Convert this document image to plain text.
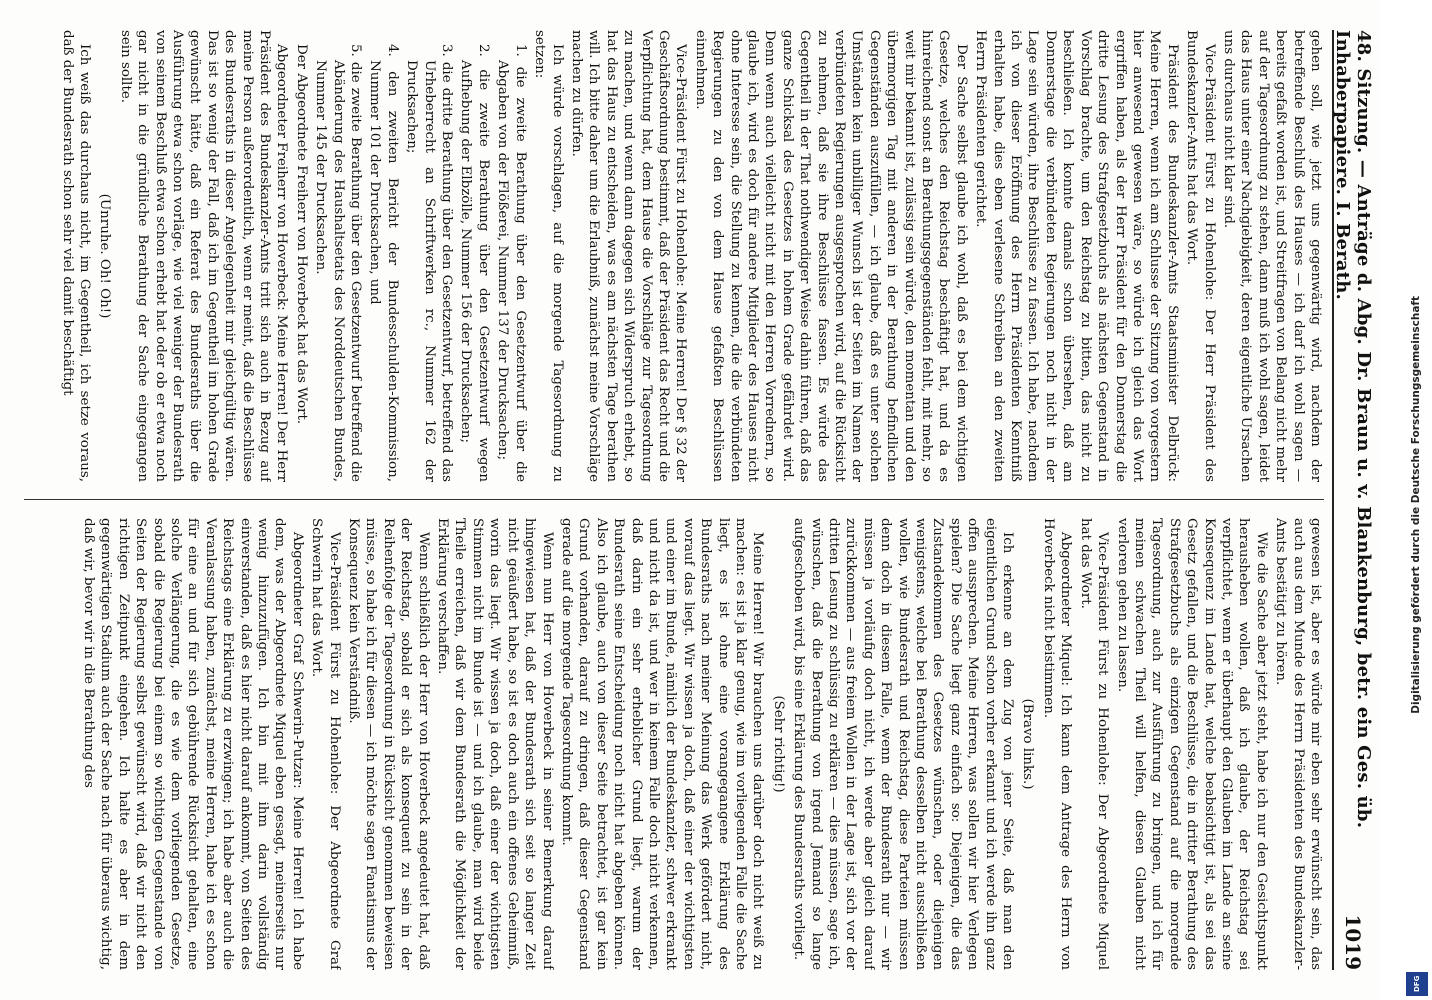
48. Sitzung. — Anträge d. Abg. Dr. Braun u. v. Blankenburg, betr. ein Ges. üb. Inhaberpapiere. I. Berath.
1019

gehen soll, wie jetzt uns gegenwärtig wird, nachdem der betreffende Beschluß des Hauses — ich darf ich wohl sagen — bereits gefaßt worden ist, und Streitfragen von Belang nicht mehr auf der Tagesordnung zu stehen, dann muß ich wohl sagen, leidet das Haus unter einer Nachgiebigkeit, deren eigentliche Ursachen uns durchaus nicht klar sind.

Vice-Präsident Fürst zu Hohenlohe: Der Herr Präsident des Bundeskanzler-Amts hat das Wort.

Präsident des Bundeskanzler-Amts Staatsminister Delbrück: Meine Herren, wenn ich am Schlusse der Sitzung von vorgestern hier anwesend gewesen wäre, so würde ich gleich das Wort ergriffen haben, als der Herr Präsident für den Donnerstag die dritte Lesung des Strafgesetzbuchs als nächsten Gegenstand in Vorschlag brachte, um den Reichstag zu bitten, das nicht zu beschließen. Ich konnte damals schon übersehen, daß am Donnerstage die verbündeten Regierungen noch nicht in der Lage sein würden, ihre Beschlüsse zu fassen. Ich habe, nachdem ich von dieser Eröffnung des Herrn Präsidenten Kenntniß erhalten habe, dies eben verlesene Schreiben an den zweiten Herrn Präsidenten gerichtet.

Der Sache selbst glaube ich wohl, daß es bei dem wichtigen Gesetze, welches den Reichstag beschäftigt hat, und da es hinreichend sonst an Berathungsgegenständen fehlt, mit mehr, so weit mir bekannt ist, zulässig sein würde, den momentan und den übermorgigen Tag mit anderen in der Berathung befindlichen Gegenständen auszufüllen, — ich glaube, daß es unter solchen Umständen kein unbilliger Wunsch ist der Seiten im Namen der verbündeten Regierungen ausgesprochen wird, auf die Rücksicht zu nehmen, daß sie ihre Beschlüsse fassen. Es würde das Gegentheil in der That nothwendiger Weise dahin führen, daß das ganze Schicksal des Gesetzes in hohem Grade gefährdet wird. Denn wenn auch vielleicht nicht mit den Herren Vorrednern, so glaube ich, wird es doch für andere Mitglieder des Hauses nicht ohne Interesse sein, die Stellung zu kennen, die die verbündeten Regierungen zu den von dem Hause gefaßten Beschlüssen einnehmen.

Vice-Präsident Fürst zu Hohenlohe: Meine Herren! Der § 32 der Geschäftsordnung bestimmt, daß der Präsident das Recht und die Verpflichtung hat, dem Hause die Vorschläge zur Tagesordnung zu machen, und wenn dann dagegen sich Widerspruch erhebt, so hat das Haus zu entscheiden, was es am nächsten Tage berathen will. Ich bitte daher um die Erlaubniß, zunächst meine Vorschläge machen zu dürfen.

Ich würde vorschlagen, auf die morgende Tagesordnung zu setzen:

1. die zweite Berathung über den Gesetzentwurf über die Abgaben von der Flößerei, Nummer 137 der Drucksachen;

2. die zweite Berathung über den Gesetzentwurf wegen Aufhebung der Elbzölle, Nummer 156 der Drucksachen;

3. die dritte Berathung über den Gesetzentwurf, betreffend das Urheberrecht an Schriftwerken rc., Nummer 162 der Drucksachen;

4. den zweiten Bericht der Bundesschulden-Kommission, Nummer 101 der Drucksachen, und

5. die zweite Berathung über den Gesetzentwurf betreffend die Abänderung des Haushaltsetats des Norddeutschen Bundes, Nummer 145 der Drucksachen.

Der Abgeordnete Freiherr von Hoverbeck hat das Wort.

Abgeordneter Freiherr von Hoverbeck: Meine Herren! Der Herr Präsident des Bundeskanzler-Amts tritt sich auch in Bezug auf meine Person außerordentlich, wenn er meint, daß die Beschlüsse des Bundesraths in dieser Angelegenheit mir gleichgültig wären. Das ist so wenig der Fall, daß ich im Gegentheil im hohen Grade gewünscht hätte, daß ein Referat des Bundesraths über die Ausführung etwa schon vorläge, wie viel weniger der Bundesrath von seinem Beschluß etwa schon erhebt hat oder ob er etwa noch gar nicht in die gründliche Berathung der Sache eingegangen sein sollte.

(Unruhe. Oh! Oh!)

Ich weiß das durchaus nicht, im Gegentheil, ich setze voraus, daß der Bundesrath schon sehr viel damit beschäftigt

gewesen ist, aber es würde mir eben sehr erwünscht sein, das auch aus dem Munde des Herrn Präsidenten des Bundeskanzler-Amts bestätigt zu hören.

Wie die Sache aber jetzt steht, habe ich nur den Gesichtspunkt herausheben wollen, daß ich glaube, der Reichstag sei verpflichtet, wenn er überhaupt den Glauben im Lande an seine Konsequenz im Lande hat, welche beabsichtigt ist, als sei das Gesetz gefallen, und die Beschlüsse, die in dritter Berathung des Strafgesetzbuchs als einzigen Gegenstand auf die morgende Tagesordnung, auch zur Ausführung zu bringen, und ich für meinen schwachen Theil will helfen, diesen Glauben nicht verloren gehen zu lassen.

Vice-Präsident Fürst zu Hohenlohe: Der Abgeordnete Miquel hat das Wort.

Abgeordneter Miquel: Ich kann dem Antrage des Herrn von Hoverbeck nicht beistimmen.

(Bravo links.)

Ich erkenne an dem Zug von jener Seite, daß man den eigentlichen Grund schon vorher erkannt und ich werde ihn ganz offen aussprechen. Meine Herren, was sollen wir hier Verlegen spielen? Die Sache liegt ganz einfach so: Diejenigen, die das Zustandekommen des Gesetzes wünschen, oder diejenigen wenigstens, welche bei Berathung desselben nicht ausschließen wollen, wie Bundesrath und Reichstag, diese Parteien müssen denn doch in diesem Falle, wenn der Bundesrath nur — wir müssen ja vorläufig doch nicht, ich werde aber gleich darauf zurückkommen — aus freiem Wollen in der Lage ist, sich vor der dritten Lesung zu schlüssig zu erklären — dies müssen, sage ich, wünschen, daß die Berathung von irgend Jemand so lange aufgeschoben wird, bis eine Erklärung des Bundesraths vorliegt.

(Sehr richtig!)

Meine Herren! Wir brauchen uns darüber doch nicht weiß zu machen: es ist ja klar genug, wie im vorliegenden Falle die Sache liegt, es ist ohne eine vorangegangene Erklärung des Bundesraths nach meiner Meinung das Werk gefördert nicht, worauf das liegt. Wir wissen ja doch, daß einer der wichtigsten und einer im Bunde, nämlich der Bundeskanzler, schwer erkrankt und nicht da ist, und wer in keinem Falle doch nicht verkennen, daß darin ein sehr erheblicher Grund liegt, warum der Bundesrath seine Entscheidung noch nicht hat abgeben können. Also ich glaube, auch von dieser Seite betrachtet, ist gar kein Grund vorhanden, darauf zu dringen, daß dieser Gegenstand gerade auf die morgende Tagesordnung kommt.

Wenn nun Herr von Hoverbeck in seiner Bemerkung darauf hingewiesen hat, daß der Bundesrath sich seit so langer Zeit nicht geäußert habe, so ist es doch auch ein offenes Geheimniß, worin das liegt. Wir wissen ja doch, daß einer der wichtigsten Stimmen nicht im Bunde ist — und ich glaube, man wird beide Theile erreichen, daß wir dem Bundesrath die Möglichkeit der Erklärung verschaffen.

Wenn schließlich der Herr von Hoverbeck angedeutet hat, daß der Reichstag, sobald er sich als konsequent zu sein in der Reihenfolge der Tagesordnung in Rücksicht genommen beweisen müsse, so habe ich für diesen — ich möchte sagen Fanatismus der Konsequenz kein Verständniß.

Vice-Präsident Fürst zu Hohenlohe: Der Abgeordnete Graf Schwerin hat das Wort.

Abgeordneter Graf Schwerin-Putzar: Meine Herren! Ich habe dem, was der Abgeordnete Miquel eben gesagt, meinerseits nur wenig hinzuzufügen. Ich bin mit ihm darin vollständig einverstanden, daß es hier nicht darauf ankommt, von Seiten des Reichstags eine Erklärung zu erzwingen; ich habe aber auch die Veranlassung haben, zunächst, meine Herren, habe ich es schon für eine an und für sich gebührende Rücksicht gehalten, eine solche Verlängerung, die es wie dem vorliegenden Gesetze, sobald die Regierung bei einem so wichtigen Gegenstande von Seiten der Regierung selbst gewünscht wird, daß wir nicht den richtigen Zeitpunkt eingehen. Ich halte es aber in dem gegenwärtigen Stadium auch der Sache nach für überaus wichtig, daß wir, bevor wir in die Berathung des	Digitalisierung gefördert durch die Deutsche Forschungsgemeinschaft
DFG
